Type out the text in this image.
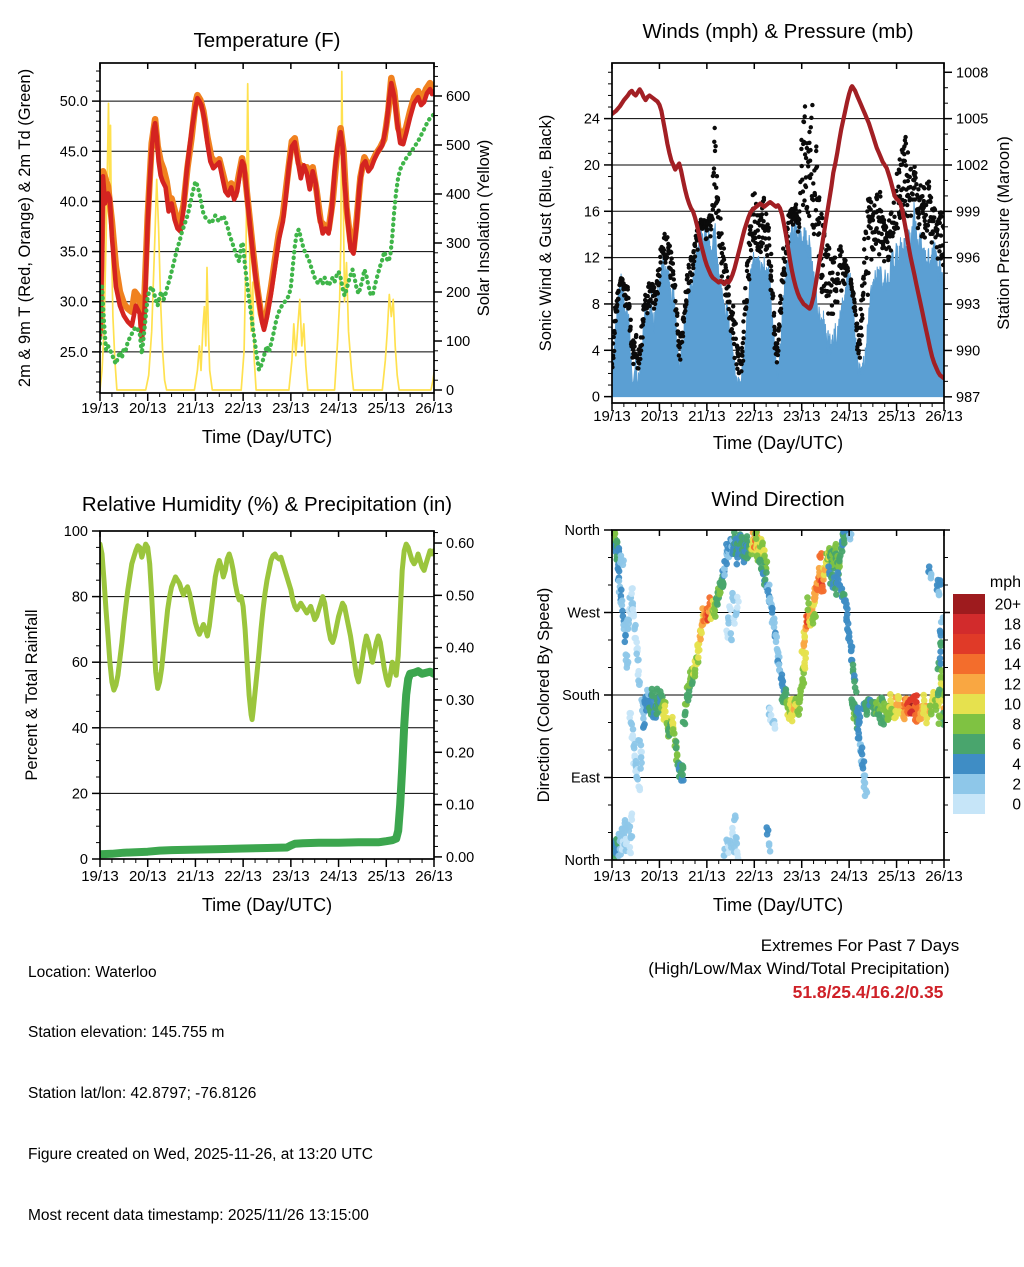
19/13 20/13 21/13 22/13 23/13 24/13 25/13 26/13
25.0
30.0
35.0
40.0
45.0
50.0
0
100
200
300
400
500
600
Temperature (F)
Time (Day/UTC)
2m & 9m T (Red, Orange) & 2m Td (Green)	Solar Insolation (Yellow)
19/13 20/13 21/13 22/13 23/13 24/13 25/13 26/13
0
4
8
12
16
20
24
987
990
993
996
999
1002
1005
1008
Winds (mph) & Pressure (mb)
Time (Day/UTC)
Sonic Wind & Gust (Blue, Black)	Station Pressure (Maroon)
19/13 20/13 21/13 22/13 23/13 24/13 25/13 26/13
0
20
40
60
80
100
0.00
0.10
0.20
0.30
0.40
0.50
0.60
Relative Humidity (%) & Precipitation (in)
Time (Day/UTC)
Percent & Total Rainfall
19/13 20/13 21/13 22/13 23/13 24/13 25/13 26/13
North
West
South
East
North
Wind Direction
Time (Day/UTC)
Direction (Colored By Speed)
mph
20+
18
16
14
12
10
8
6
4
2
0

Location: Waterloo

Station elevation: 145.755 m

Station lat/lon: 42.8797; -76.8126

Figure created on Wed, 2025-11-26, at 13:20 UTC

Most recent data timestamp: 2025/11/26 13:15:00

Extremes For Past 7 Days
(High/Low/Max Wind/Total Precipitation)
51.8/25.4/16.2/0.35
